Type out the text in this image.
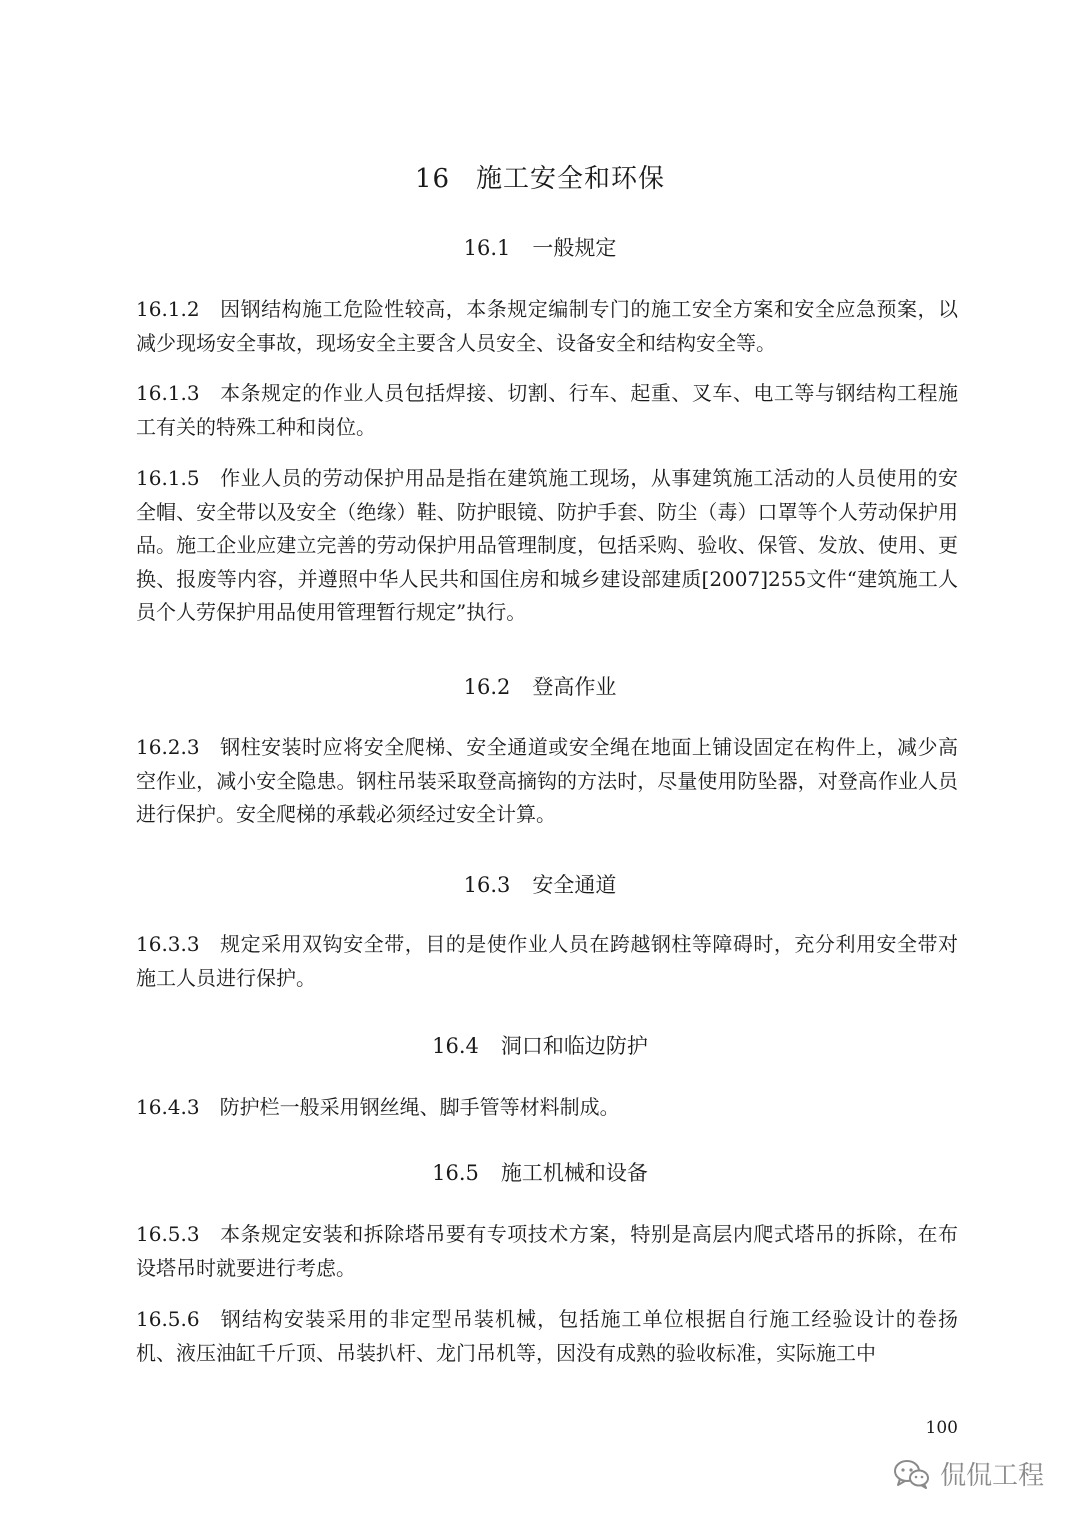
16 施工安全和环保
16.1 一般规定
16.1.2 因钢结构施工危险性较高，本条规定编制专门的施工安全方案和安全应急预案，以减少现场安全事故，现场安全主要含人员安全、设备安全和结构安全等。
16.1.3 本条规定的作业人员包括焊接、切割、行车、起重、叉车、电工等与钢结构工程施工有关的特殊工种和岗位。
16.1.5 作业人员的劳动保护用品是指在建筑施工现场，从事建筑施工活动的人员使用的安全帽、安全带以及安全（绝缘）鞋、防护眼镜、防护手套、防尘（毒）口罩等个人劳动保护用品。施工企业应建立完善的劳动保护用品管理制度，包括采购、验收、保管、发放、使用、更换、报废等内容，并遵照中华人民共和国住房和城乡建设部建质[2007]255文件“建筑施工人员个人劳保护用品使用管理暂行规定”执行。
16.2 登高作业
16.2.3 钢柱安装时应将安全爬梯、安全通道或安全绳在地面上铺设固定在构件上，减少高空作业，减小安全隐患。钢柱吊装采取登高摘钩的方法时，尽量使用防坠器，对登高作业人员进行保护。安全爬梯的承载必须经过安全计算。
16.3 安全通道
16.3.3 规定采用双钩安全带，目的是使作业人员在跨越钢柱等障碍时，充分利用安全带对施工人员进行保护。
16.4 洞口和临边防护
16.4.3 防护栏一般采用钢丝绳、脚手管等材料制成。
16.5 施工机械和设备
16.5.3 本条规定安装和拆除塔吊要有专项技术方案，特别是高层内爬式塔吊的拆除，在布设塔吊时就要进行考虑。
16.5.6 钢结构安装采用的非定型吊装机械，包括施工单位根据自行施工经验设计的卷扬机、液压油缸千斤顶、吊装扒杆、龙门吊机等，因没有成熟的验收标准，实际施工中
100
侃侃工程
